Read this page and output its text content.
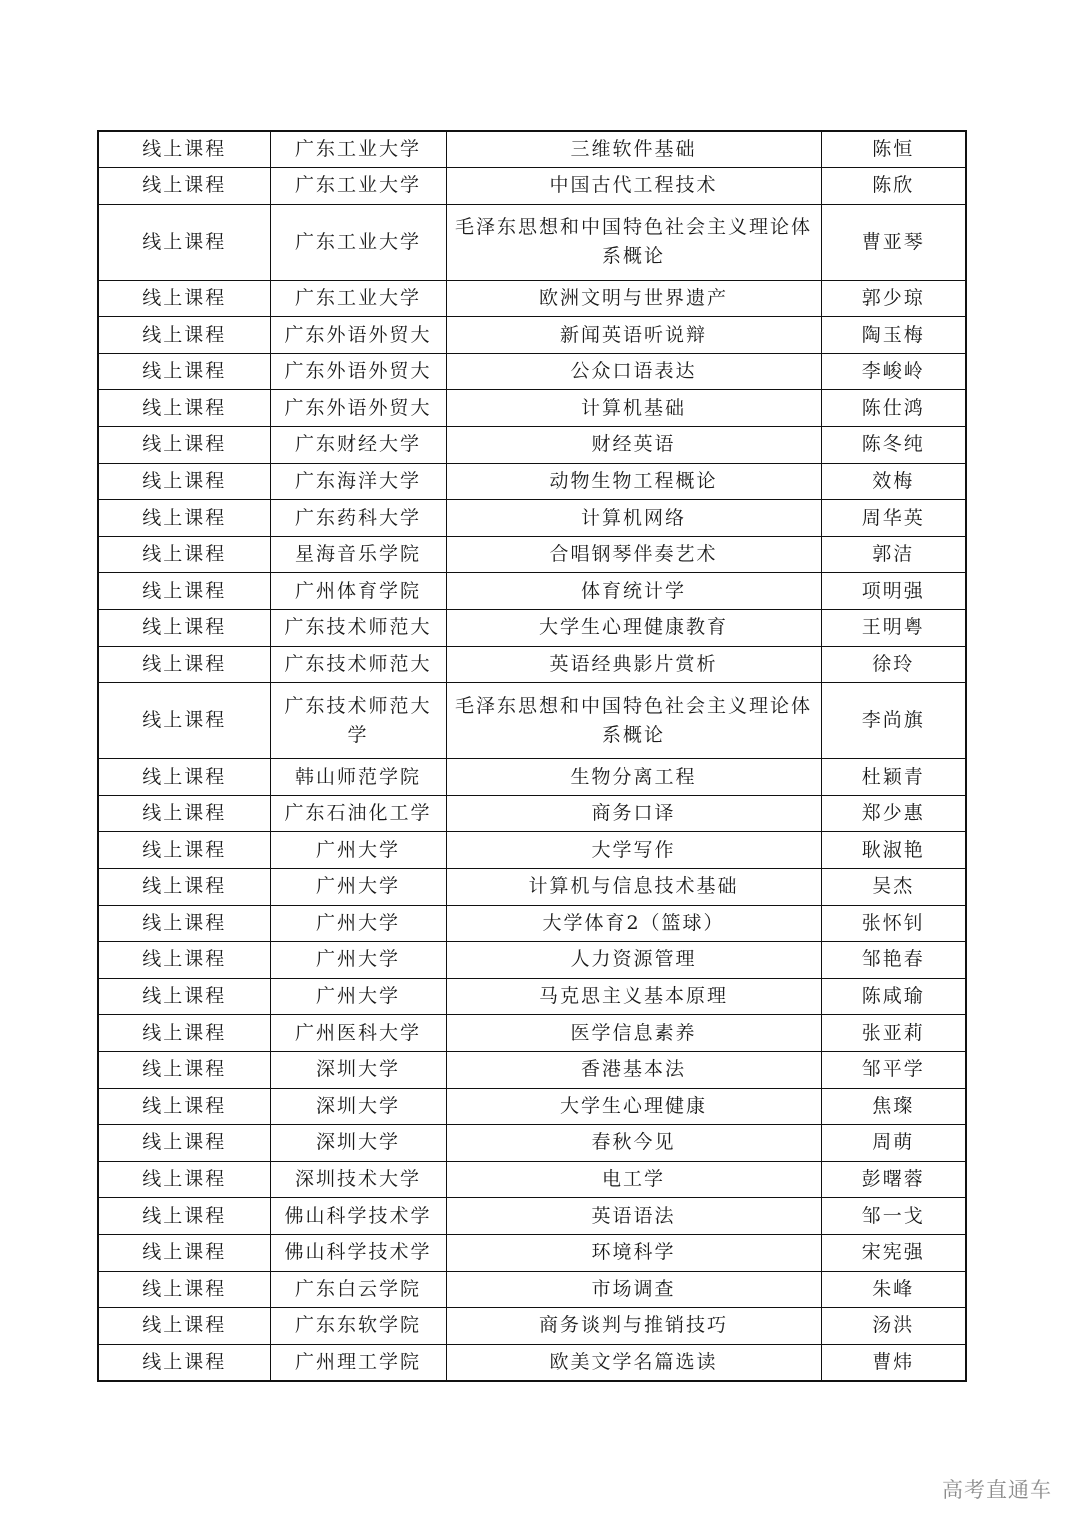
线上课程	广东工业大学	三维软件基础	陈恒
线上课程	广东工业大学	中国古代工程技术	陈欣
线上课程	广东工业大学	毛泽东思想和中国特色社会主义理论体系概论	曹亚琴
线上课程	广东工业大学	欧洲文明与世界遗产	郭少琼
线上课程	广东外语外贸大	新闻英语听说辩	陶玉梅
线上课程	广东外语外贸大	公众口语表达	李峻岭
线上课程	广东外语外贸大	计算机基础	陈仕鸿
线上课程	广东财经大学	财经英语	陈冬纯
线上课程	广东海洋大学	动物生物工程概论	效梅
线上课程	广东药科大学	计算机网络	周华英
线上课程	星海音乐学院	合唱钢琴伴奏艺术	郭洁
线上课程	广州体育学院	体育统计学	项明强
线上课程	广东技术师范大	大学生心理健康教育	王明粤
线上课程	广东技术师范大	英语经典影片赏析	徐玲
线上课程	广东技术师范大学	毛泽东思想和中国特色社会主义理论体系概论	李尚旗
线上课程	韩山师范学院	生物分离工程	杜颖青
线上课程	广东石油化工学	商务口译	郑少惠
线上课程	广州大学	大学写作	耿淑艳
线上课程	广州大学	计算机与信息技术基础	吴杰
线上课程	广州大学	大学体育2（篮球）	张怀钊
线上课程	广州大学	人力资源管理	邹艳春
线上课程	广州大学	马克思主义基本原理	陈咸瑜
线上课程	广州医科大学	医学信息素养	张亚莉
线上课程	深圳大学	香港基本法	邹平学
线上课程	深圳大学	大学生心理健康	焦璨
线上课程	深圳大学	春秋今见	周萌
线上课程	深圳技术大学	电工学	彭曙蓉
线上课程	佛山科学技术学	英语语法	邹一戈
线上课程	佛山科学技术学	环境科学	宋宪强
线上课程	广东白云学院	市场调查	朱峰
线上课程	广东东软学院	商务谈判与推销技巧	汤洪
线上课程	广州理工学院	欧美文学名篇选读	曹炜
高考直通车
